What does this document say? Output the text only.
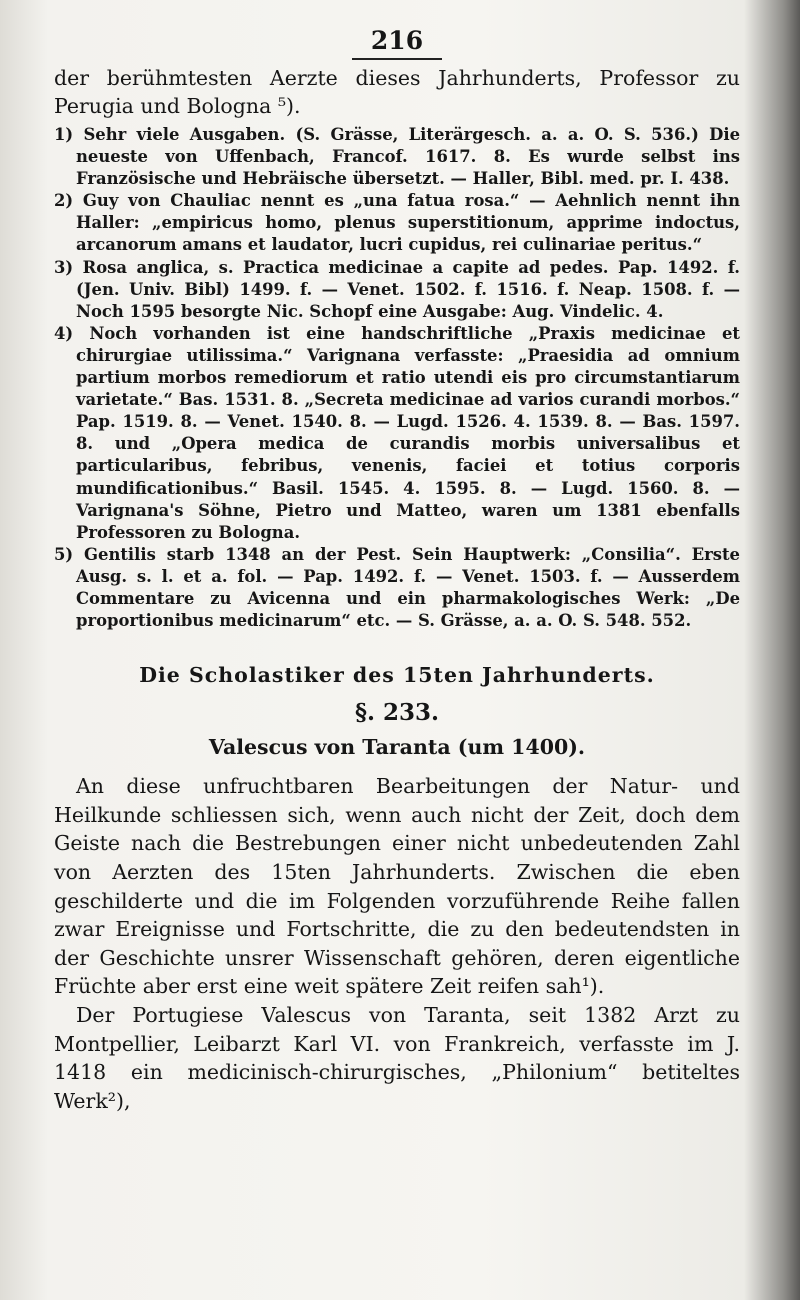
216

der berühmtesten Aerzte dieses Jahrhunderts, Professor zu Perugia und Bologna ⁵).

1) Sehr viele Ausgaben. (S. Grässe, Literärgesch. a. a. O. S. 536.) Die neueste von Uffenbach, Francof. 1617. 8. Es wurde selbst ins Französische und Hebräische übersetzt. — Haller, Bibl. med. pr. I. 438.

2) Guy von Chauliac nennt es „una fatua rosa.“ — Aehnlich nennt ihn Haller: „empiricus homo, plenus superstitionum, apprime indoctus, arcanorum amans et laudator, lucri cupidus, rei culinariae peritus.“

3) Rosa anglica, s. Practica medicinae a capite ad pedes. Pap. 1492. f. (Jen. Univ. Bibl) 1499. f. — Venet. 1502. f. 1516. f. Neap. 1508. f. — Noch 1595 besorgte Nic. Schopf eine Ausgabe: Aug. Vindelic. 4.

4) Noch vorhanden ist eine handschriftliche „Praxis medicinae et chirurgiae utilissima.“ Varignana verfasste: „Praesidia ad omnium partium morbos remediorum et ratio utendi eis pro circumstantiarum varietate.“ Bas. 1531. 8. „Secreta medicinae ad varios curandi morbos.“ Pap. 1519. 8. — Venet. 1540. 8. — Lugd. 1526. 4. 1539. 8. — Bas. 1597. 8. und „Opera medica de curandis morbis universalibus et particularibus, febribus, venenis, faciei et totius corporis mundificationibus.“ Basil. 1545. 4. 1595. 8. — Lugd. 1560. 8. — Varignana's Söhne, Pietro und Matteo, waren um 1381 ebenfalls Professoren zu Bologna.

5) Gentilis starb 1348 an der Pest. Sein Hauptwerk: „Consilia“. Erste Ausg. s. l. et a. fol. — Pap. 1492. f. — Venet. 1503. f. — Ausserdem Commentare zu Avicenna und ein pharmakologisches Werk: „De proportionibus medicinarum“ etc. — S. Grässe, a. a. O. S. 548. 552.

Die Scholastiker des 15ten Jahrhunderts.
§. 233.
Valescus von Taranta (um 1400).

An diese unfruchtbaren Bearbeitungen der Natur- und Heilkunde schliessen sich, wenn auch nicht der Zeit, doch dem Geiste nach die Bestrebungen einer nicht unbedeutenden Zahl von Aerzten des 15ten Jahrhunderts. Zwischen die eben geschilderte und die im Folgenden vorzuführende Reihe fallen zwar Ereignisse und Fortschritte, die zu den bedeutendsten in der Geschichte unsrer Wissenschaft gehören, deren eigentliche Früchte aber erst eine weit spätere Zeit reifen sah¹).

Der Portugiese Valescus von Taranta, seit 1382 Arzt zu Montpellier, Leibarzt Karl VI. von Frankreich, verfasste im J. 1418 ein medicinisch-chirurgisches, „Philonium“ betiteltes Werk²),
